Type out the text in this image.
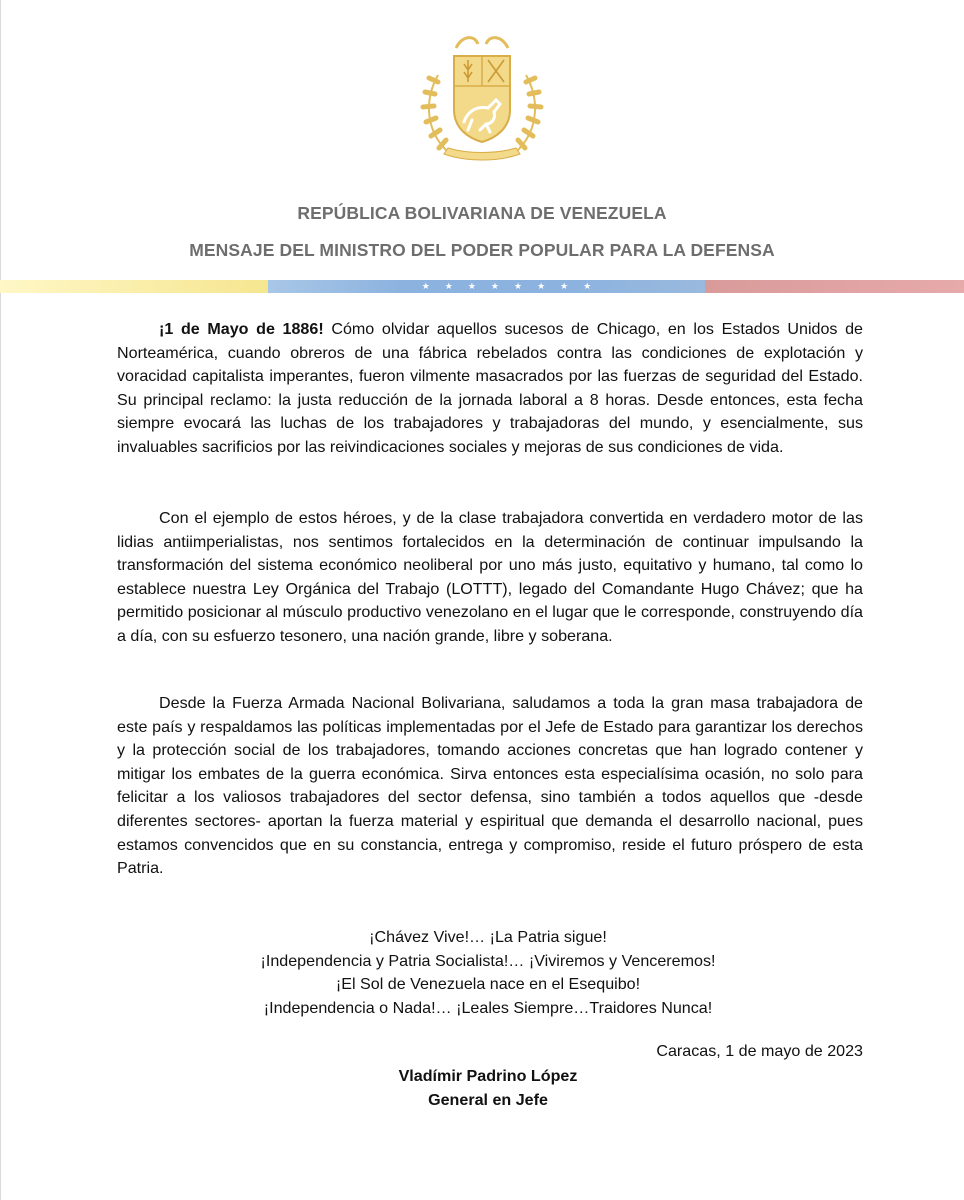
REPÚBLICA BOLIVARIANA DE VENEZUELA
MENSAJE DEL MINISTRO DEL PODER POPULAR PARA LA DEFENSA
★ ★ ★ ★ ★ ★ ★ ★
¡1 de Mayo de 1886! Cómo olvidar aquellos sucesos de Chicago, en los Estados Unidos de Norteamérica, cuando obreros de una fábrica rebelados contra las condiciones de explotación y voracidad capitalista imperantes, fueron vilmente masacrados por las fuerzas de seguridad del Estado. Su principal reclamo: la justa reducción de la jornada laboral a 8 horas. Desde entonces, esta fecha siempre evocará las luchas de los trabajadores y trabajadoras del mundo, y esencialmente, sus invaluables sacrificios por las reivindicaciones sociales y mejoras de sus condiciones de vida.
Con el ejemplo de estos héroes, y de la clase trabajadora convertida en verdadero motor de las lidias antiimperialistas, nos sentimos fortalecidos en la determinación de continuar impulsando la transformación del sistema económico neoliberal por uno más justo, equitativo y humano, tal como lo establece nuestra Ley Orgánica del Trabajo (LOTTT), legado del Comandante Hugo Chávez; que ha permitido posicionar al músculo productivo venezolano en el lugar que le corresponde, construyendo día a día, con su esfuerzo tesonero, una nación grande, libre y soberana.
Desde la Fuerza Armada Nacional Bolivariana, saludamos a toda la gran masa trabajadora de este país y respaldamos las políticas implementadas por el Jefe de Estado para garantizar los derechos y la protección social de los trabajadores, tomando acciones concretas que han logrado contener y mitigar los embates de la guerra económica. Sirva entonces esta especialísima ocasión, no solo para felicitar a los valiosos trabajadores del sector defensa, sino también a todos aquellos que -desde diferentes sectores- aportan la fuerza material y espiritual que demanda el desarrollo nacional, pues estamos convencidos que en su constancia, entrega y compromiso, reside el futuro próspero de esta Patria.
¡Chávez Vive!… ¡La Patria sigue!
¡Independencia y Patria Socialista!… ¡Viviremos y Venceremos!
¡El Sol de Venezuela nace en el Esequibo!
¡Independencia o Nada!… ¡Leales Siempre…Traidores Nunca!
Caracas, 1 de mayo de 2023
Vladímir Padrino López
General en Jefe
